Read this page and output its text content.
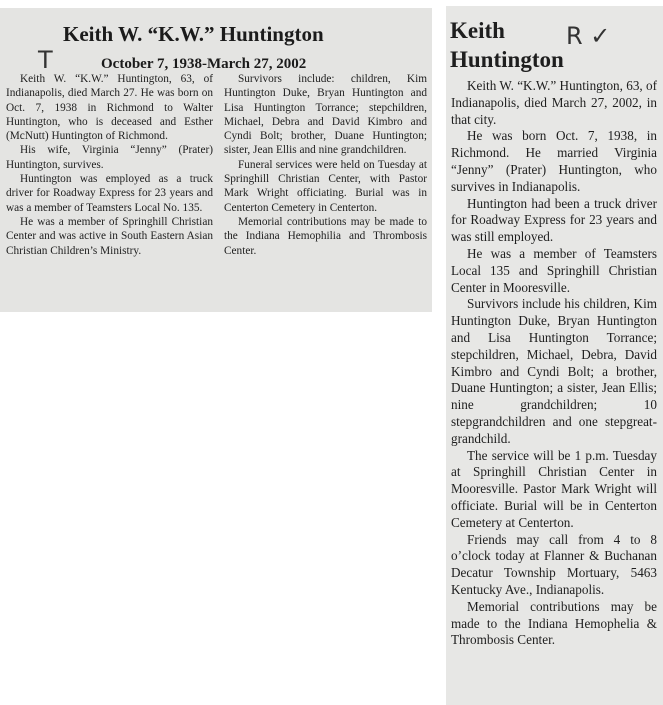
Keith W. “K.W.” Huntington
T	October 7, 1938-March 27, 2002

Keith W. “K.W.” Huntington, 63, of Indianapolis, died March 27. He was born on Oct. 7, 1938 in Richmond to Walter Huntington, who is deceased and Esther (McNutt) Huntington of Richmond.

His wife, Virginia “Jenny” (Prater) Huntington, survives.

Huntington was employed as a truck driver for Roadway Express for 23 years and was a member of Teamsters Local No. 135.

He was a member of Springhill Christian Center and was active in South Eastern Asian Christian Children’s Ministry.

Survivors include: children, Kim Huntington Duke, Bryan Huntington and Lisa Huntington Torrance; stepchildren, Michael, Debra and David Kimbro and Cyndi Bolt; brother, Duane Huntington; sister, Jean Ellis and nine grandchildren.

Funeral services were held on Tuesday at Springhill Christian Center, with Pastor Mark Wright officiating. Burial was in Centerton Cemetery in Centerton.

Memorial contributions may be made to the Indiana Hemophilia and Thrombosis Center.

Keith
Huntington
R ✓

Keith W. “K.W.” Huntington, 63, of Indianapolis, died March 27, 2002, in that city.

He was born Oct. 7, 1938, in Richmond. He married Virginia “Jenny” (Prater) Huntington, who survives in Indianapolis.

Huntington had been a truck driver for Roadway Express for 23 years and was still employed.

He was a member of Teamsters Local 135 and Springhill Christian Center in Mooresville.

Survivors include his children, Kim Huntington Duke, Bryan Huntington and Lisa Huntington Torrance; stepchildren, Michael, Debra, David Kimbro and Cyndi Bolt; a brother, Duane Huntington; a sister, Jean Ellis; nine grandchildren; 10 stepgrandchildren and one stepgreat-grandchild.

The service will be 1 p.m. Tuesday at Springhill Christian Center in Mooresville. Pastor Mark Wright will officiate. Burial will be in Centerton Cemetery at Centerton.

Friends may call from 4 to 8 o’clock today at Flanner & Buchanan Decatur Township Mortuary, 5463 Kentucky Ave., Indianapolis.

Memorial contributions may be made to the Indiana Hemophelia & Thrombosis Center.
